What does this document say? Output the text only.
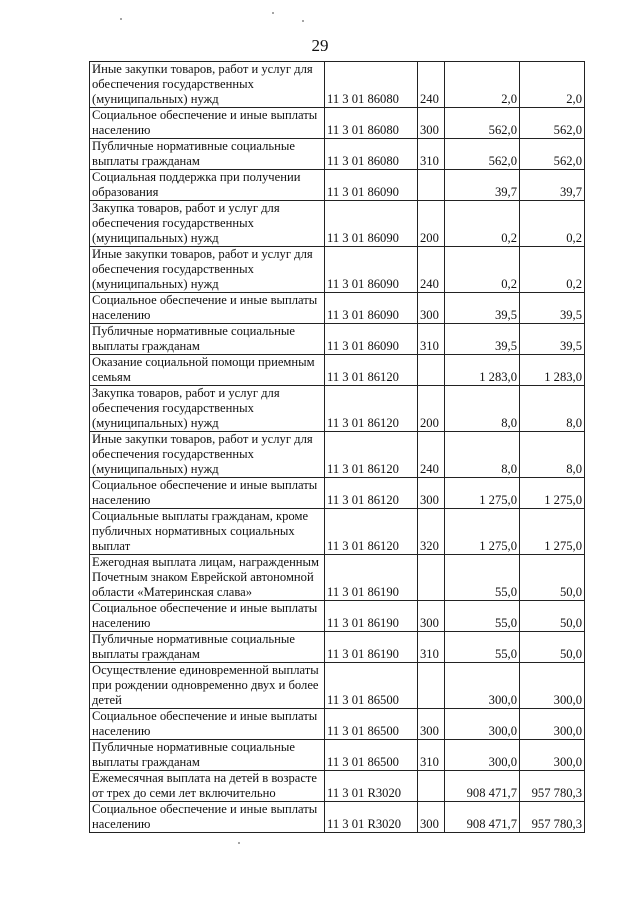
29
Иные закупки товаров, работ и услуг для обеспечения государственных (муниципальных) нужд	11 3 01 86080	240	2,0	2,0
Социальное обеспечение и иные выплаты населению	11 3 01 86080	300	562,0	562,0
Публичные нормативные социальные выплаты гражданам	11 3 01 86080	310	562,0	562,0
Социальная поддержка при получении образования	11 3 01 86090		39,7	39,7
Закупка товаров, работ и услуг для обеспечения государственных (муниципальных) нужд	11 3 01 86090	200	0,2	0,2
Иные закупки товаров, работ и услуг для обеспечения государственных (муниципальных) нужд	11 3 01 86090	240	0,2	0,2
Социальное обеспечение и иные выплаты населению	11 3 01 86090	300	39,5	39,5
Публичные нормативные социальные выплаты гражданам	11 3 01 86090	310	39,5	39,5
Оказание социальной помощи приемным семьям	11 3 01 86120		1 283,0	1 283,0
Закупка товаров, работ и услуг для обеспечения государственных (муниципальных) нужд	11 3 01 86120	200	8,0	8,0
Иные закупки товаров, работ и услуг для обеспечения государственных (муниципальных) нужд	11 3 01 86120	240	8,0	8,0
Социальное обеспечение и иные выплаты населению	11 3 01 86120	300	1 275,0	1 275,0
Социальные выплаты гражданам, кроме публичных нормативных социальных выплат	11 3 01 86120	320	1 275,0	1 275,0
Ежегодная выплата лицам, награжденным Почетным знаком Еврейской автономной области «Материнская слава»	11 3 01 86190		55,0	50,0
Социальное обеспечение и иные выплаты населению	11 3 01 86190	300	55,0	50,0
Публичные нормативные социальные выплаты гражданам	11 3 01 86190	310	55,0	50,0
Осуществление единовременной выплаты при рождении одновременно двух и более детей	11 3 01 86500		300,0	300,0
Социальное обеспечение и иные выплаты населению	11 3 01 86500	300	300,0	300,0
Публичные нормативные социальные выплаты гражданам	11 3 01 86500	310	300,0	300,0
Ежемесячная выплата на детей в возрасте от трех до семи лет включительно	11 3 01 R3020		908 471,7	957 780,3
Социальное обеспечение и иные выплаты населению	11 3 01 R3020	300	908 471,7	957 780,3
